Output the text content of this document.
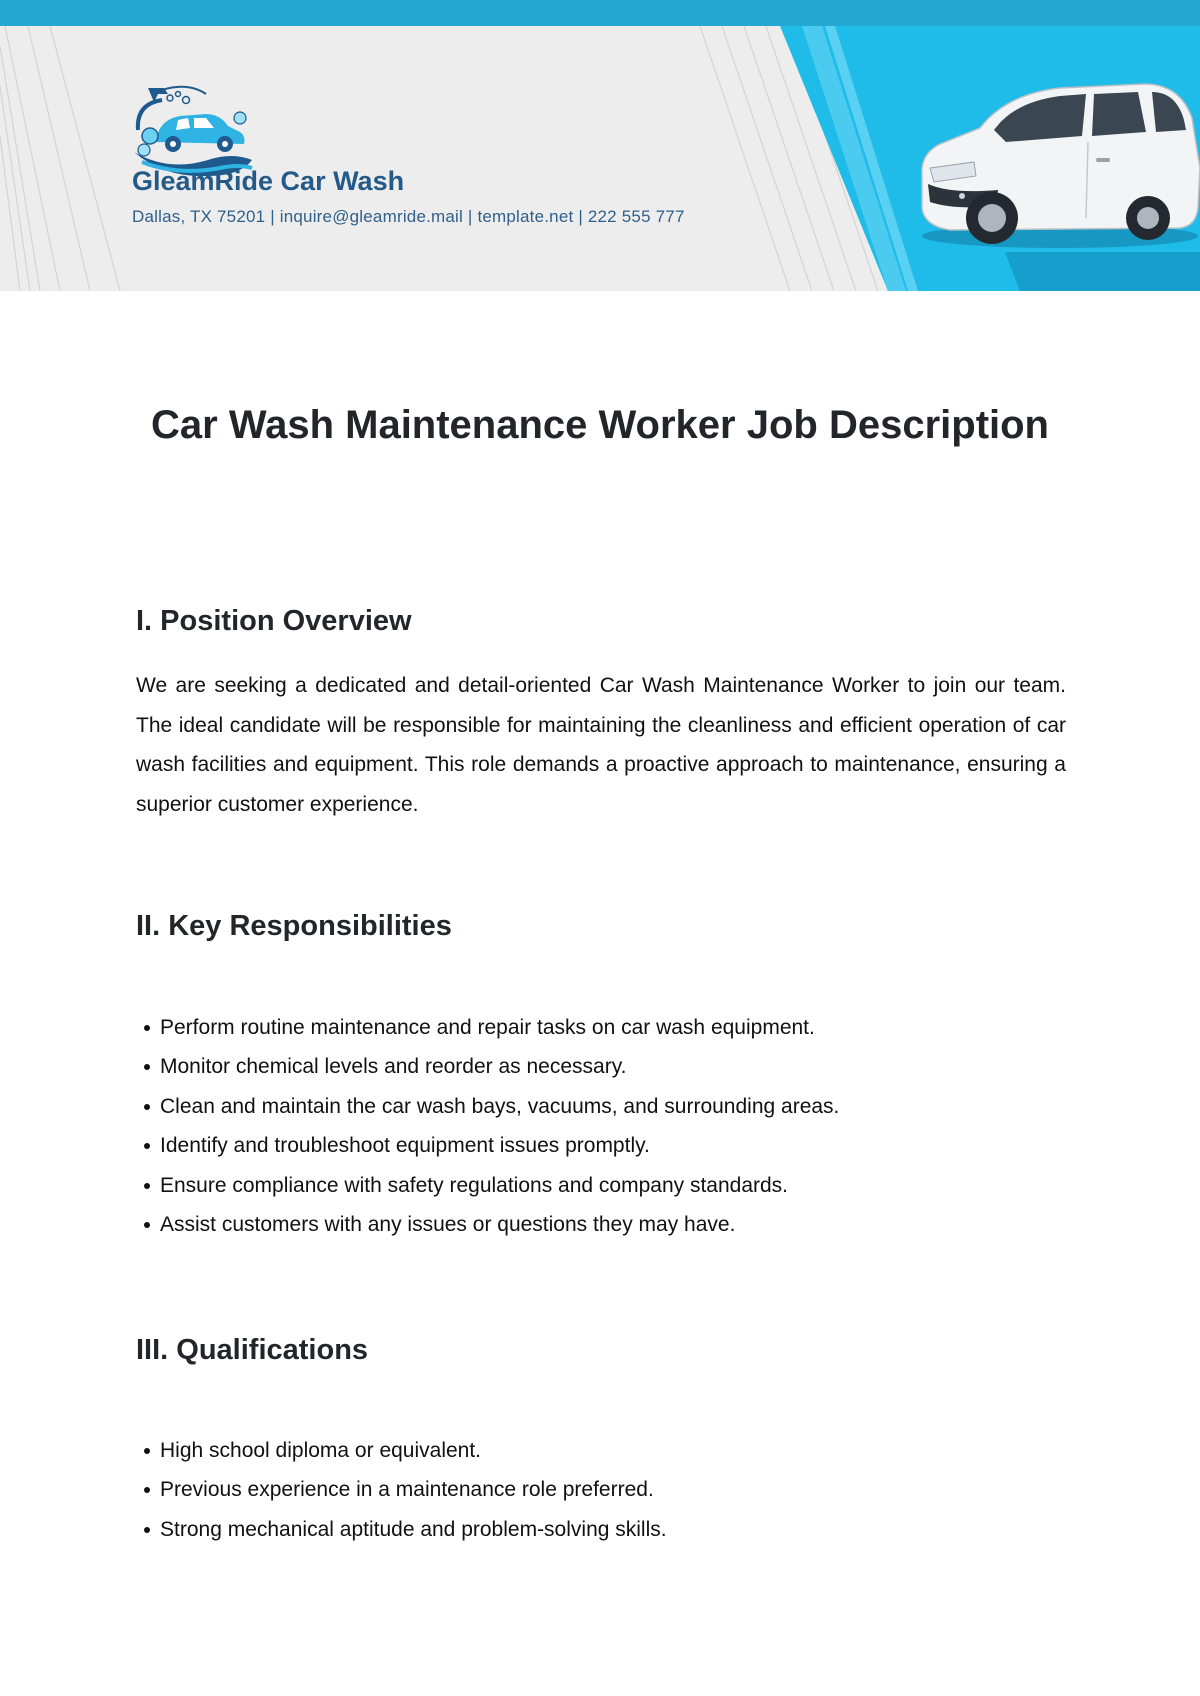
GleamRide Car Wash
Dallas, TX 75201 | inquire@gleamride.mail | template.net | 222 555 777
Car Wash Maintenance Worker Job Description
I. Position Overview

We are seeking a dedicated and detail-oriented Car Wash Maintenance Worker to join our team. The ideal candidate will be responsible for maintaining the cleanliness and efficient operation of car wash facilities and equipment. This role demands a proactive approach to maintenance, ensuring a superior customer experience.

II. Key Responsibilities
Perform routine maintenance and repair tasks on car wash equipment.
Monitor chemical levels and reorder as necessary.
Clean and maintain the car wash bays, vacuums, and surrounding areas.
Identify and troubleshoot equipment issues promptly.
Ensure compliance with safety regulations and company standards.
Assist customers with any issues or questions they may have.
III. Qualifications
High school diploma or equivalent.
Previous experience in a maintenance role preferred.
Strong mechanical aptitude and problem-solving skills.
